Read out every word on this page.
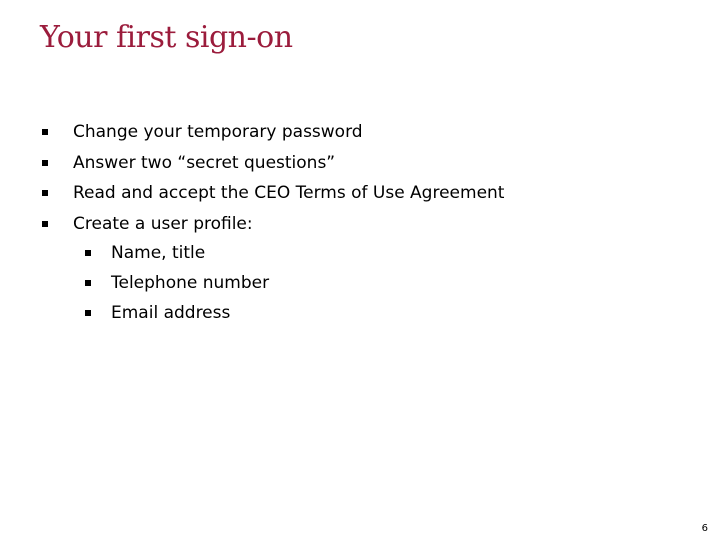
Your first sign-on
Change your temporary password
Answer two “secret questions”
Read and accept the CEO Terms of Use Agreement
Create a user profile:
Name, title
Telephone number
Email address
6
